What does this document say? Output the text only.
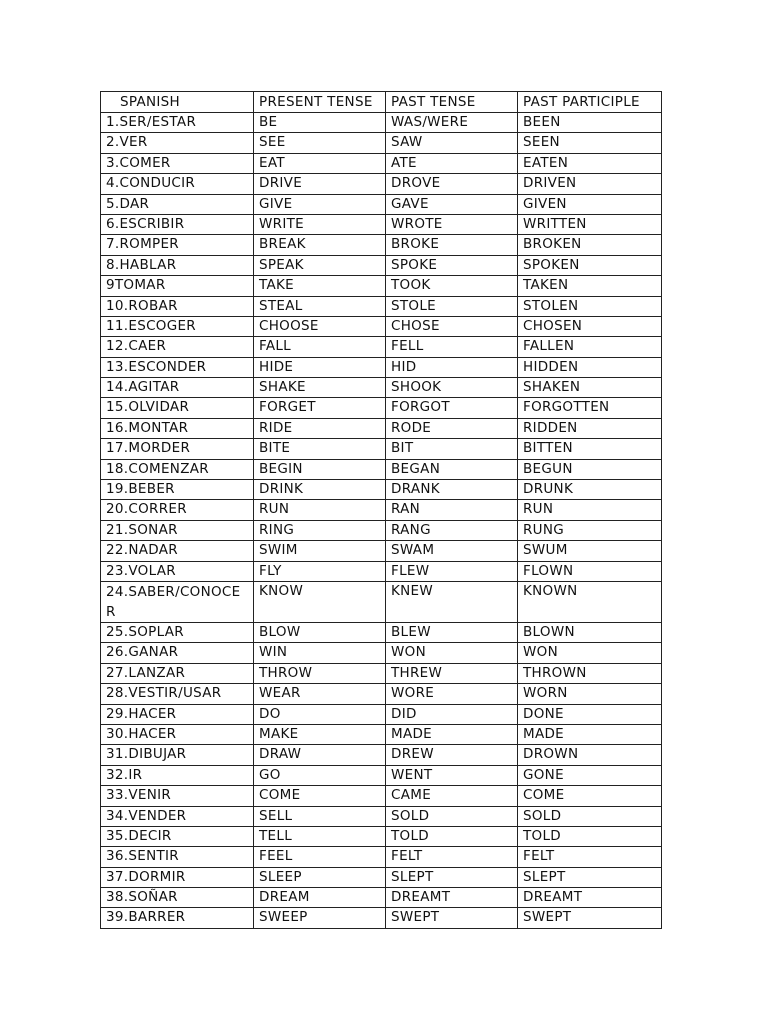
SPANISH	PRESENT TENSE	PAST TENSE	PAST PARTICIPLE
1.SER/ESTAR	BE	WAS/WERE	BEEN
2.VER	SEE	SAW	SEEN
3.COMER	EAT	ATE	EATEN
4.CONDUCIR	DRIVE	DROVE	DRIVEN
5.DAR	GIVE	GAVE	GIVEN
6.ESCRIBIR	WRITE	WROTE	WRITTEN
7.ROMPER	BREAK	BROKE	BROKEN
8.HABLAR	SPEAK	SPOKE	SPOKEN
9TOMAR	TAKE	TOOK	TAKEN
10.ROBAR	STEAL	STOLE	STOLEN
11.ESCOGER	CHOOSE	CHOSE	CHOSEN
12.CAER	FALL	FELL	FALLEN
13.ESCONDER	HIDE	HID	HIDDEN
14.AGITAR	SHAKE	SHOOK	SHAKEN
15.OLVIDAR	FORGET	FORGOT	FORGOTTEN
16.MONTAR	RIDE	RODE	RIDDEN
17.MORDER	BITE	BIT	BITTEN
18.COMENZAR	BEGIN	BEGAN	BEGUN
19.BEBER	DRINK	DRANK	DRUNK
20.CORRER	RUN	RAN	RUN
21.SONAR	RING	RANG	RUNG
22.NADAR	SWIM	SWAM	SWUM
23.VOLAR	FLY	FLEW	FLOWN
24.SABER/CONOCER	KNOW	KNEW	KNOWN
25.SOPLAR	BLOW	BLEW	BLOWN
26.GANAR	WIN	WON	WON
27.LANZAR	THROW	THREW	THROWN
28.VESTIR/USAR	WEAR	WORE	WORN
29.HACER	DO	DID	DONE
30.HACER	MAKE	MADE	MADE
31.DIBUJAR	DRAW	DREW	DROWN
32.IR	GO	WENT	GONE
33.VENIR	COME	CAME	COME
34.VENDER	SELL	SOLD	SOLD
35.DECIR	TELL	TOLD	TOLD
36.SENTIR	FEEL	FELT	FELT
37.DORMIR	SLEEP	SLEPT	SLEPT
38.SOÑAR	DREAM	DREAMT	DREAMT
39.BARRER	SWEEP	SWEPT	SWEPT
